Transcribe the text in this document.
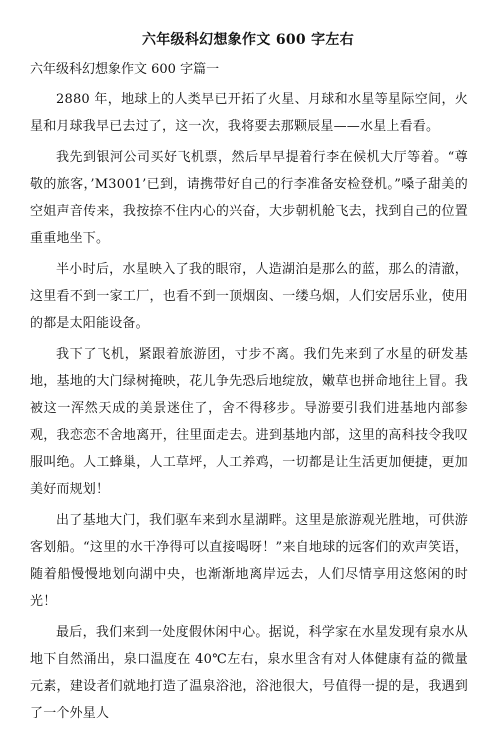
六年级科幻想象作文 600 字左右
六年级科幻想象作文 600 字篇一

2880 年，地球上的人类早已开拓了火星、月球和水星等星际空间，火星和月球我早已去过了，这一次，我将要去那颗辰星——水星上看看。

我先到银河公司买好飞机票，然后早早提着行李在候机大厅等着。“尊敬的旅客，’M3001’已到，请携带好自己的行李准备安检登机。”嗓子甜美的空姐声音传来，我按捺不住内心的兴奋，大步朝机舱飞去，找到自己的位置重重地坐下。

半小时后，水星映入了我的眼帘，人造湖泊是那么的蓝，那么的清澈，这里看不到一家工厂，也看不到一顶烟囱、一缕乌烟，人们安居乐业，使用的都是太阳能设备。

我下了飞机，紧跟着旅游团，寸步不离。我们先来到了水星的研发基地，基地的大门绿树掩映，花儿争先恐后地绽放，嫩草也拼命地往上冒。我被这一浑然天成的美景迷住了，舍不得移步。导游要引我们进基地内部参观，我恋恋不舍地离开，往里面走去。进到基地内部，这里的高科技令我叹服叫绝。人工蜂巢，人工草坪，人工养鸡，一切都是让生活更加便捷，更加美好而规划！

出了基地大门，我们驱车来到水星湖畔。这里是旅游观光胜地，可供游客划船。“这里的水干净得可以直接喝呀！”来自地球的远客们的欢声笑语，随着船慢慢地划向湖中央，也渐渐地离岸远去，人们尽情享用这悠闲的时光！

最后，我们来到一处度假休闲中心。据说，科学家在水星发现有泉水从地下自然涌出，泉口温度在 40℃左右，泉水里含有对人体健康有益的微量元素，建设者们就地打造了温泉浴池，浴池很大，号值得一提的是，我遇到了一个外星人
